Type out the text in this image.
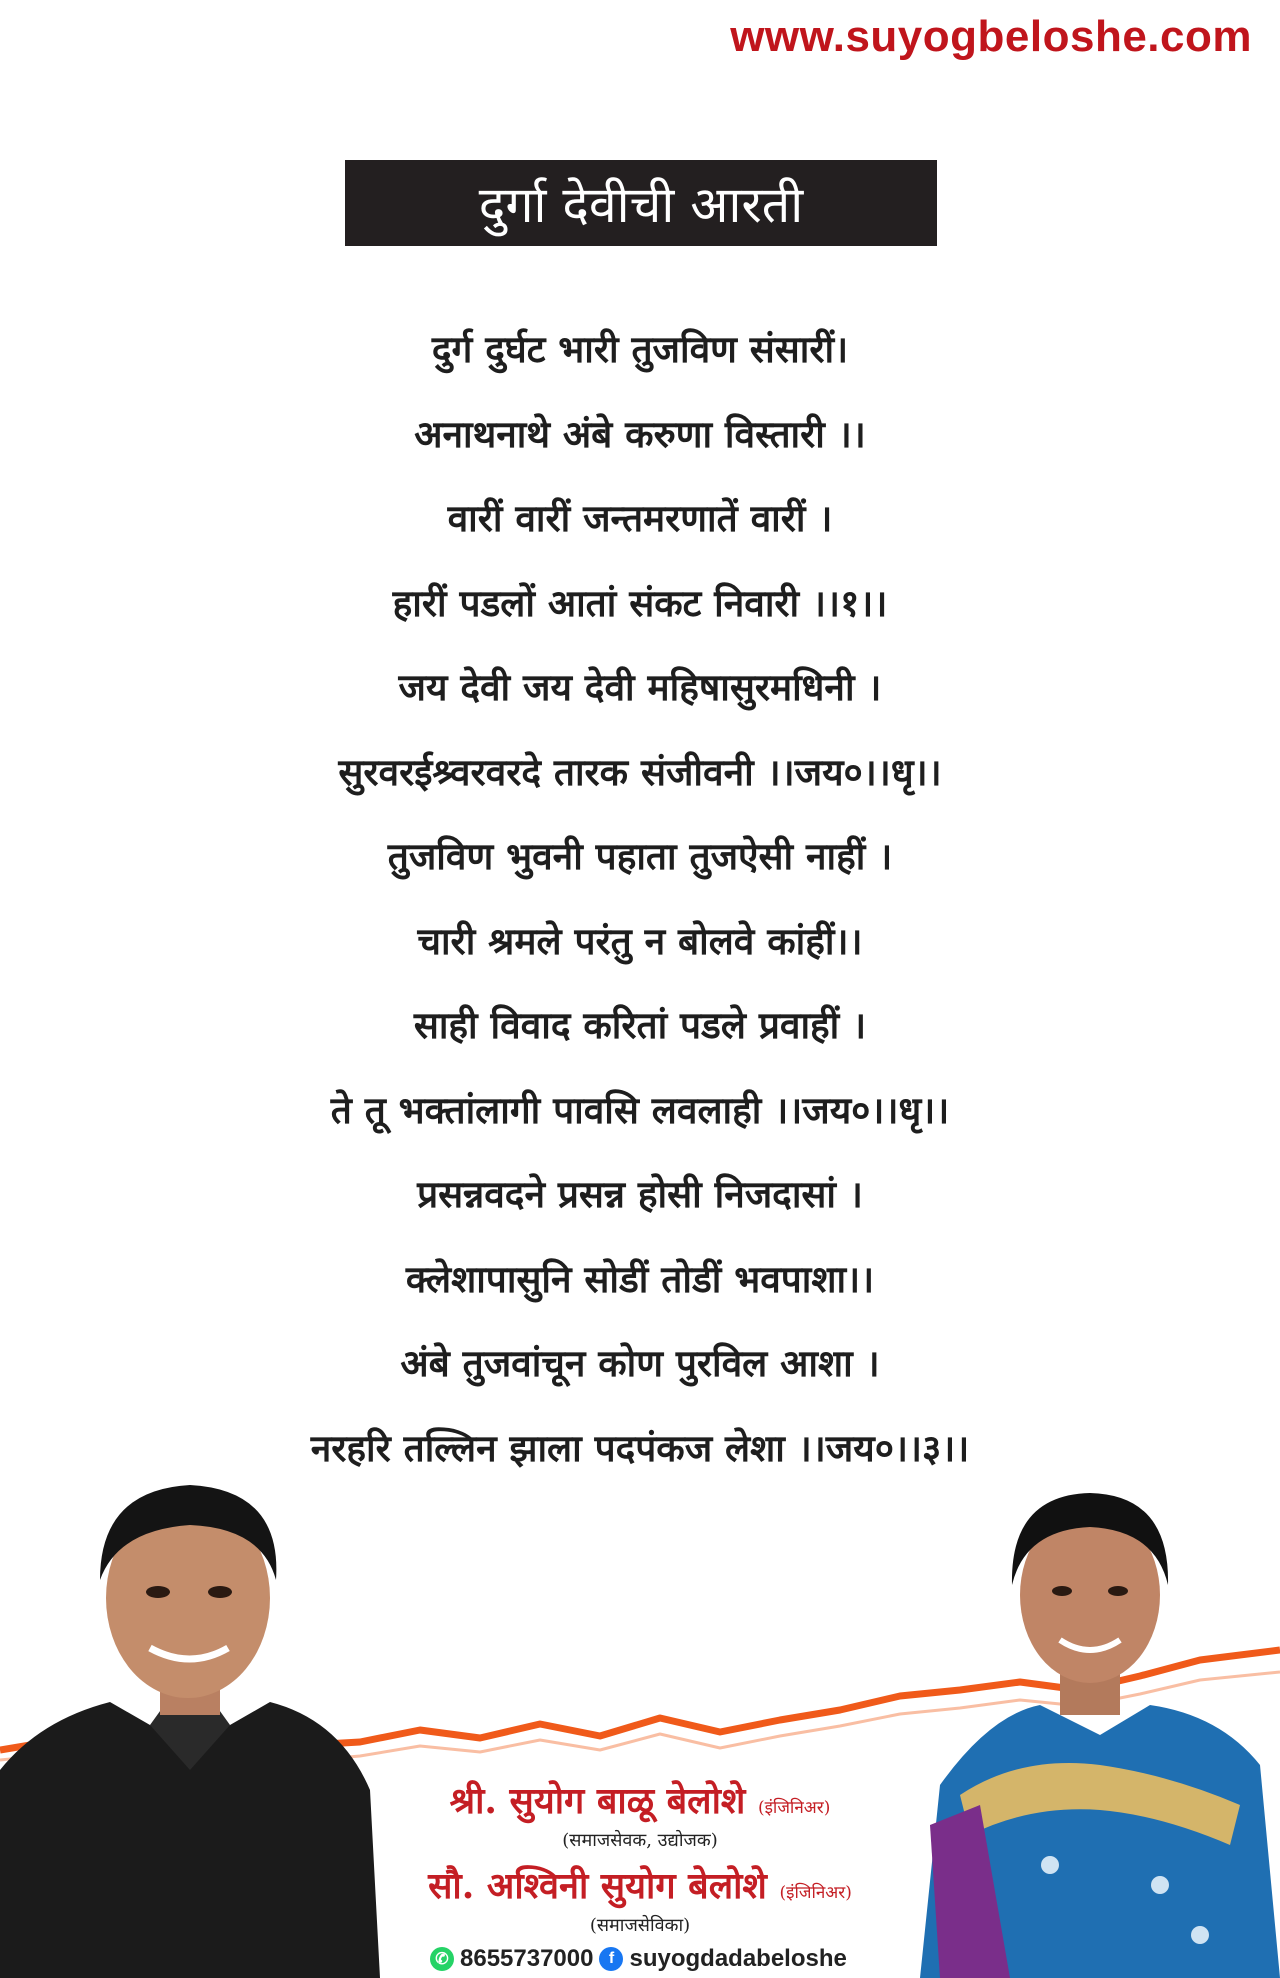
www.suyogbeloshe.com
दुर्गा देवीची आरती
दुर्ग दुर्घट भारी तुजविण संसारीं।
अनाथनाथे अंबे करुणा विस्तारी ।।
वारीं वारीं जन्तमरणातें वारीं ।
हारीं पडलों आतां संकट निवारी ।।१।।
जय देवी जय देवी महिषासुरमधिनी ।
सुरवरईश्र्वरवरदे तारक संजीवनी ।।जय०।।धृ।।
तुजविण भुवनी पहाता तुजऐसी नाहीं ।
चारी श्रमले परंतु न बोलवे कांहीं।।
साही विवाद करितां पडले प्रवाहीं ।
ते तू भक्तांलागी पावसि लवलाही ।।जय०।।धृ।।
प्रसन्नवदने प्रसन्न होसी निजदासां ।
क्लेशापासुनि सोडीं तोडीं भवपाशा।।
अंबे तुजवांचून कोण पुरविल आशा ।
नरहरि तल्लिन झाला पदपंकज लेशा ।।जय०।।३।।
श्री. सुयोग बाळू बेलोशे (इंजिनिअर)
(समाजसेवक, उद्योजक)
सौ. अश्विनी सुयोग बेलोशे (इंजिनिअर)
(समाजसेविका)
✆ 8655737000 f suyogdadabeloshe
